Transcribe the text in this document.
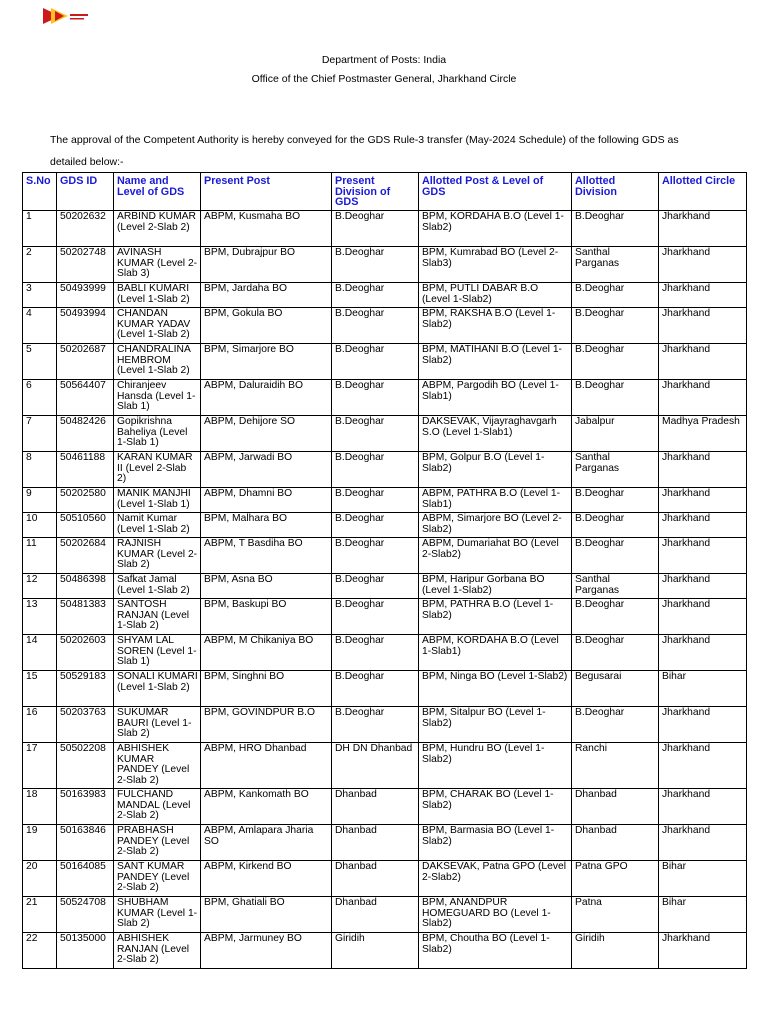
Department of Posts: India
Office of the Chief Postmaster General, Jharkhand Circle
The approval of the Competent Authority is hereby conveyed for the GDS Rule-3 transfer (May-2024 Schedule) of the following GDS as
detailed below:-
S.No	GDS ID	Name and Level of GDS	Present Post	Present Division of GDS	Allotted Post & Level of GDS	Allotted Division	Allotted Circle
1	50202632	ARBIND KUMAR (Level 2-Slab 2)	ABPM, Kusmaha BO	B.Deoghar	BPM, KORDAHA B.O (Level 1-Slab2)	B.Deoghar	Jharkhand
2	50202748	AVINASH KUMAR (Level 2-Slab 3)	BPM, Dubrajpur BO	B.Deoghar	BPM, Kumrabad BO (Level 2-Slab3)	Santhal Parganas	Jharkhand
3	50493999	BABLI KUMARI (Level 1-Slab 2)	BPM, Jardaha BO	B.Deoghar	BPM, PUTLI DABAR B.O (Level 1-Slab2)	B.Deoghar	Jharkhand
4	50493994	CHANDAN KUMAR YADAV (Level 1-Slab 2)	BPM, Gokula BO	B.Deoghar	BPM, RAKSHA B.O (Level 1-Slab2)	B.Deoghar	Jharkhand
5	50202687	CHANDRALINA HEMBROM (Level 1-Slab 2)	BPM, Simarjore BO	B.Deoghar	BPM, MATIHANI B.O (Level 1-Slab2)	B.Deoghar	Jharkhand
6	50564407	Chiranjeev Hansda (Level 1-Slab 1)	ABPM, Daluraidih BO	B.Deoghar	ABPM, Pargodih BO (Level 1-Slab1)	B.Deoghar	Jharkhand
7	50482426	Gopikrishna Baheliya (Level 1-Slab 1)	ABPM, Dehijore SO	B.Deoghar	DAKSEVAK, Vijayraghavgarh S.O (Level 1-Slab1)	Jabalpur	Madhya Pradesh
8	50461188	KARAN KUMAR II (Level 2-Slab 2)	ABPM, Jarwadi BO	B.Deoghar	BPM, Golpur B.O (Level 1-Slab2)	Santhal Parganas	Jharkhand
9	50202580	MANIK MANJHI (Level 1-Slab 1)	ABPM, Dhamni BO	B.Deoghar	ABPM, PATHRA B.O (Level 1-Slab1)	B.Deoghar	Jharkhand
10	50510560	Namit Kumar (Level 1-Slab 2)	BPM, Malhara BO	B.Deoghar	ABPM, Simarjore BO (Level 2-Slab2)	B.Deoghar	Jharkhand
11	50202684	RAJNISH KUMAR (Level 2-Slab 2)	ABPM, T Basdiha BO	B.Deoghar	ABPM, Dumariahat BO (Level 2-Slab2)	B.Deoghar	Jharkhand
12	50486398	Safkat Jamal (Level 1-Slab 2)	BPM, Asna BO	B.Deoghar	BPM, Haripur Gorbana BO (Level 1-Slab2)	Santhal Parganas	Jharkhand
13	50481383	SANTOSH RANJAN (Level 1-Slab 2)	BPM, Baskupi BO	B.Deoghar	BPM, PATHRA B.O (Level 1-Slab2)	B.Deoghar	Jharkhand
14	50202603	SHYAM LAL SOREN (Level 1-Slab 1)	ABPM, M Chikaniya BO	B.Deoghar	ABPM, KORDAHA B.O (Level 1-Slab1)	B.Deoghar	Jharkhand
15	50529183	SONALI KUMARI (Level 1-Slab 2)	BPM, Singhni BO	B.Deoghar	BPM, Ninga BO (Level 1-Slab2)	Begusarai	Bihar
16	50203763	SUKUMAR BAURI (Level 1-Slab 2)	BPM, GOVINDPUR B.O	B.Deoghar	BPM, Sitalpur BO (Level 1-Slab2)	B.Deoghar	Jharkhand
17	50502208	ABHISHEK KUMAR PANDEY (Level 2-Slab 2)	ABPM, HRO Dhanbad	DH DN Dhanbad	BPM, Hundru BO (Level 1-Slab2)	Ranchi	Jharkhand
18	50163983	FULCHAND MANDAL (Level 2-Slab 2)	ABPM, Kankomath BO	Dhanbad	BPM, CHARAK BO (Level 1-Slab2)	Dhanbad	Jharkhand
19	50163846	PRABHASH PANDEY (Level 2-Slab 2)	ABPM, Amlapara Jharia SO	Dhanbad	BPM, Barmasia BO (Level 1-Slab2)	Dhanbad	Jharkhand
20	50164085	SANT KUMAR PANDEY (Level 2-Slab 2)	ABPM, Kirkend BO	Dhanbad	DAKSEVAK, Patna GPO (Level 2-Slab2)	Patna GPO	Bihar
21	50524708	SHUBHAM KUMAR (Level 1-Slab 2)	BPM, Ghatiali BO	Dhanbad	BPM, ANANDPUR HOMEGUARD BO (Level 1-Slab2)	Patna	Bihar
22	50135000	ABHISHEK RANJAN (Level 2-Slab 2)	ABPM, Jarmuney BO	Giridih	BPM, Choutha BO (Level 1-Slab2)	Giridih	Jharkhand
